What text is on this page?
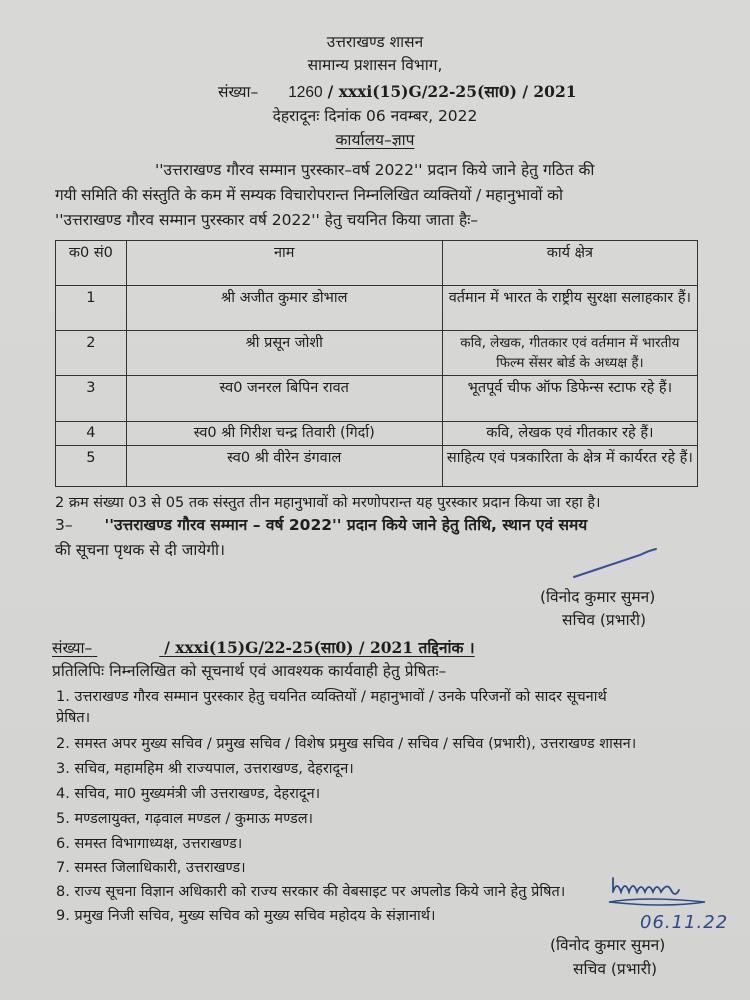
उत्तराखण्ड शासन
सामान्य प्रशासन विभाग,
संख्या– 1260 / xxxi(15)G/22-25(सा0) / 2021
देहरादूनः दिनांक 06 नवम्बर, 2022
कार्यालय–ज्ञाप
''उत्तराखण्ड गौरव सम्मान पुरस्कार–वर्ष 2022'' प्रदान किये जाने हेतु गठित की
गयी समिति की संस्तुति के कम में सम्यक विचारोपरान्त निम्नलिखित व्यक्तियों / महानुभावों को
''उत्तराखण्ड गौरव सम्मान पुरस्कार वर्ष 2022'' हेतु चयनित किया जाता हैः–
क0 सं0	नाम	कार्य क्षेत्र
1	श्री अजीत कुमार डोभाल	वर्तमान में भारत के राष्ट्रीय सुरक्षा सलाहकार हैं।
2	श्री प्रसून जोशी	कवि, लेखक, गीतकार एवं वर्तमान में भारतीय फिल्म सेंसर बोर्ड के अध्यक्ष हैं।
3	स्व0 जनरल बिपिन रावत	भूतपूर्व चीफ ऑफ डिफेन्स स्टाफ रहे हैं।
4	स्व0 श्री गिरीश चन्द्र तिवारी (गिर्दा)	कवि, लेखक एवं गीतकार रहे हैं।
5	स्व0 श्री वीरेन डंगवाल	साहित्य एवं पत्रकारिता के क्षेत्र में कार्यरत रहे हैं।
2 क्रम संख्या 03 से 05 तक संस्तुत तीन महानुभावों को मरणोपरान्त यह पुरस्कार प्रदान किया जा रहा है।
3– ''उत्तराखण्ड गौरव सम्मान – वर्ष 2022'' प्रदान किये जाने हेतु तिथि, स्थान एवं समय
की सूचना पृथक से दी जायेगी।
(विनोद कुमार सुमन)
सचिव (प्रभारी)
संख्या–	/ xxxi(15)G/22-25(सा0) / 2021 तद्दिनांक ।
प्रतिलिपिः निम्नलिखित को सूचनार्थ एवं आवश्यक कार्यवाही हेतु प्रेषितः–
1. उत्तराखण्ड गौरव सम्मान पुरस्कार हेतु चयनित व्यक्तियों / महानुभावों / उनके परिजनों को सादर सूचनार्थ
प्रेषित।
2. समस्त अपर मुख्य सचिव / प्रमुख सचिव / विशेष प्रमुख सचिव / सचिव / सचिव (प्रभारी), उत्तराखण्ड शासन।
3. सचिव, महामहिम श्री राज्यपाल, उत्तराखण्ड, देहरादून।
4. सचिव, मा0 मुख्यमंत्री जी उत्तराखण्ड, देहरादून।
5. मण्डलायुक्त, गढ़वाल मण्डल / कुमाऊ मण्डल।
6. समस्त विभागाध्यक्ष, उत्तराखण्ड।
7. समस्त जिलाधिकारी, उत्तराखण्ड।
8. राज्य सूचना विज्ञान अधिकारी को राज्य सरकार की वेबसाइट पर अपलोड किये जाने हेतु प्रेषित।
9. प्रमुख निजी सचिव, मुख्य सचिव को मुख्य सचिव महोदय के संज्ञानार्थ।	06.11.22
(विनोद कुमार सुमन)
सचिव (प्रभारी)
